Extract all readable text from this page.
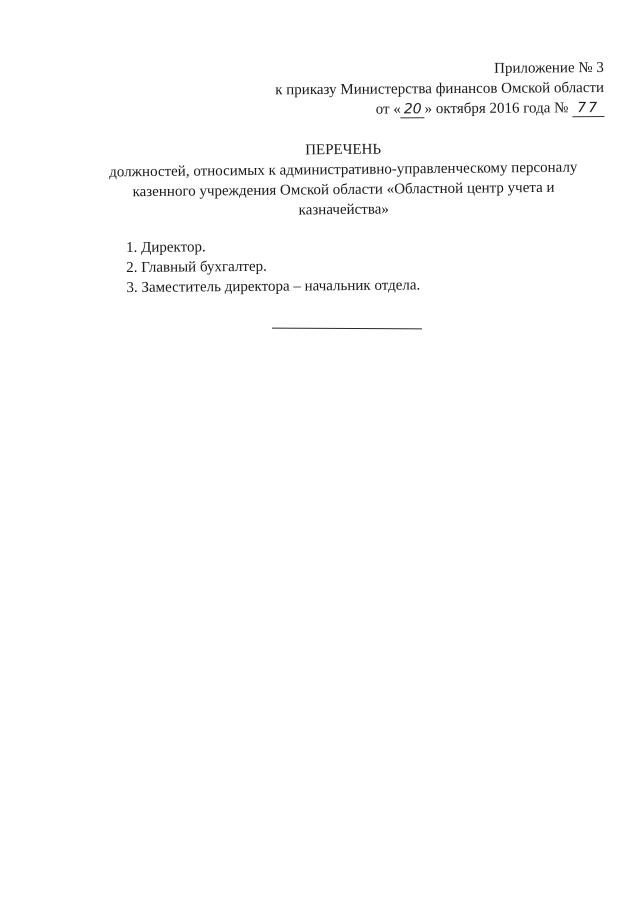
Приложение № 3
к приказу Министерства финансов Омской области
от « 20 » октября 2016 года № 77
ПЕРЕЧЕНЬ
должностей, относимых к административно-управленческому персоналу казенного учреждения Омской области «Областной центр учета и казначейства»
1. Директор.
2. Главный бухгалтер.
3. Заместитель директора – начальник отдела.
